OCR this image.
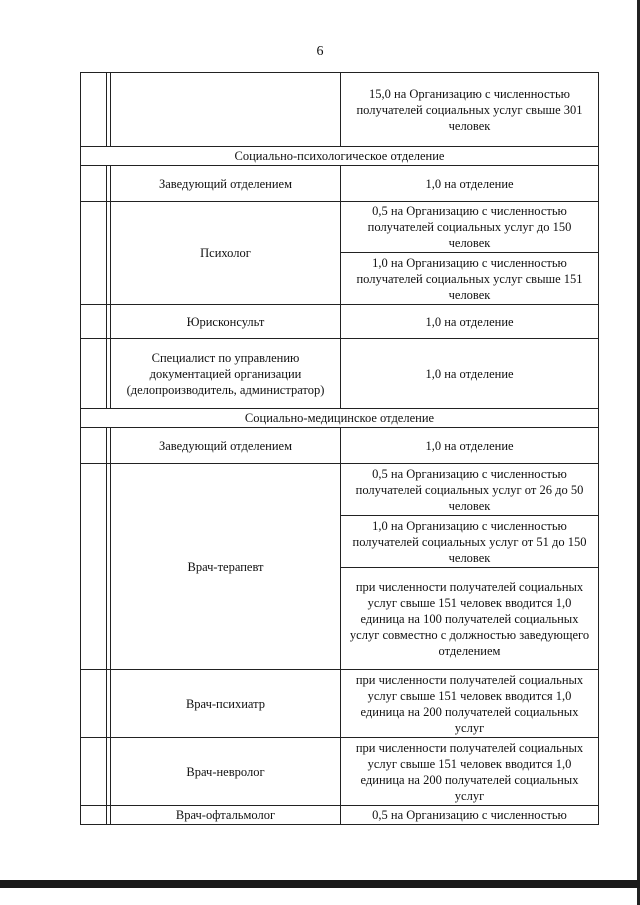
6
			15,0 на Организацию с численностью получателей социальных услуг свыше 301 человек
Социально-психологическое отделение			
		Заведующий отделением	1,0 на отделение
		Психолог	0,5 на Организацию с численностью получателей социальных услуг до 150 человек
			1,0 на Организацию с численностью получателей социальных услуг свыше 151 человек
		Юрисконсульт	1,0 на отделение
		Специалист по управлению документацией организации (делопроизводитель, администратор)	1,0 на отделение
Социально-медицинское отделение			
		Заведующий отделением	1,0 на отделение
		Врач-терапевт	0,5 на Организацию с численностью получателей социальных услуг от 26 до 50 человек
			1,0 на Организацию с численностью получателей социальных услуг от 51 до 150 человек
			при численности получателей социальных услуг свыше 151 человек вводится 1,0 единица на 100 получателей социальных услуг совместно с должностью заведующего отделением
		Врач-психиатр	при численности получателей социальных услуг свыше 151 человек вводится 1,0 единица на 200 получателей социальных услуг
		Врач-невролог	при численности получателей социальных услуг свыше 151 человек вводится 1,0 единица на 200 получателей социальных услуг
		Врач-офтальмолог	0,5 на Организацию с численностью
